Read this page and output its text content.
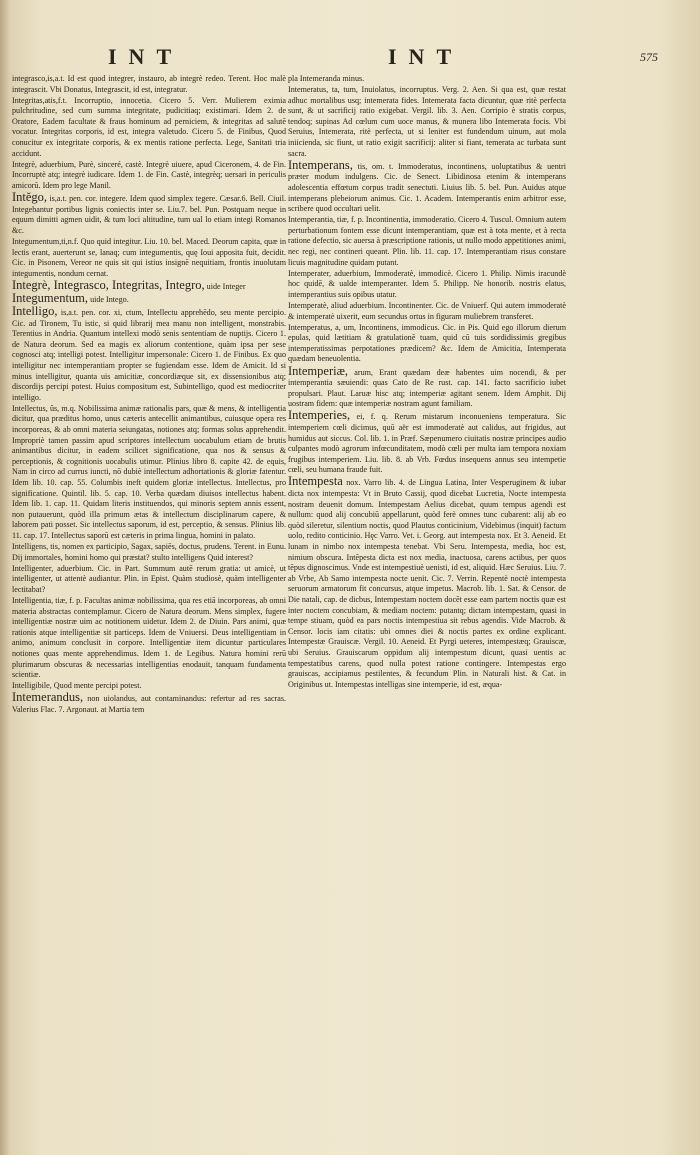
INT	INT	575

integrasco,is,a.t. Id est quod integrer, instauro, ab integrè redeo. Terent. Hoc malè integrascit. Vbi Donatus, Integrascit, id est, integratur.

Integritas,atis,f.t. Incorruptio, innocetia. Cicero 5. Verr. Mulierem eximia pulchritudine, sed cum summa integritate, pudicitiaq; existimari. Idem 2. de Oratore, Eadem facultate & fraus hominum ad perniciem, & integritas ad salutē vocatur. Integritas corporis, id est, integra valetudo. Cicero 5. de Finibus, Quod conucitur ex integritate corporis, & ex mentis ratione perfecta. Lege, Sanitati tria accidunt.

Integrè, aduerbium, Purè, sinceré, castè. Integrè uiuere, apud Ciceronem, 4. de Fin. Incorruptè atq; integrè iudicare. Idem 1. de Fin. Castè, integrèq; uersari in periculis amicorū. Idem pro lege Manil.

Intĕgo, is,a.t. pen. cor. integere. Idem quod simplex tegere. Cæsar.6. Bell. Ciuil. Integebantur portibus lignis coniectis inter se. Liu.7. bel. Pun. Postquam neque in equum dimitti agmen uidit, & tum loci altitudine, tum ual lo etiam integi Romanos &c.

Integumentum,ti,n.f. Quo quid integitur. Liu. 10. bel. Maced. Deorum capita, quæ in lectis erant, auerterunt se, lanaq; cum integumentis, quę Ioui apposita fuit, decidit. Cic. in Pisonem, Vereor ne quis sit qui istius insignē nequitiam, frontis inuolutam integumentis, nondum cernat.

Integrè, Integrasco, Integritas, Integro, uide Integer

Integumentum, uide Intego.

Intelligo, is,a.t. pen. cor. xi, ctum, Intellectu apprehēdo, seu mente percipio. Cic. ad Tironem, Tu istic, si quid librarij mea manu non intelligent, monstrabis. Terentius in Andria. Quantum intellexi modò senis sententiam de nuptijs. Cicero 1. de Natura deorum. Sed ea magis ex aliorum contentione, quàm ipsa per sese cognosci atq; intelligi potest. Intelligitur impersonale: Cicero 1. de Finibus. Ex quo intelligitur nec intemperantiam propter se fugiendam esse. Idem de Amicit. Id si minus intelligitur, quanta uis amicitiæ, concordiæque sit, ex dissensionibus atq; discordijs percipi potest. Huius compositum est, Subintelligo, quod est mediocriter intelligo.

Intellectus, ûs, m.q. Nobilissima animæ rationalis pars, quæ & mens, & intelligentia dicitur, qua præditus homo, unus cæteris antecellit animantibus, cuiusque opera res incorporeas, & ab omni materia seiungatas, notiones atq; formas solus apprehendit. Impropriè tamen passim apud scriptores intellectum uocabulum etiam de brutis animantibus dicitur, in eadem scilicet significatione, qua nos & sensus & perceptionis, & cognitionis uocabulis utimur. Plinius libro 8. capite 42. de equis, Nam in circo ad currus iuncti, nō dubiè intellectum adhortationis & gloriæ fatentur. Idem lib. 10. cap. 55. Columbis ineft quidem gloriæ intellectus. Intellectus, pro significatione. Quintil. lib. 5. cap. 10. Verba quædam diuisos intellectus habent. Idem lib. 1. cap. 11. Quidam literis instituendos, qui minoris septem annis essent, non putauerunt, quòd illa primum ætas & intellectum disciplinarum capere, & laborem pati posset. Sic intellectus saporum, id est, perceptio, & sensus. Plinius lib. 11. cap. 17. Intellectus saporū est cæteris in prima lingua, homini in palato.

Intelligens, tis, nomen ex participio, Sagax, sapiēs, doctus, prudens. Terent. in Eunu. Dij immortales, homini homo qui præstat? stulto intelligens Quid interest?

Intelligenter, aduerbium. Cic. in Part. Summum autē rerum gratia: ut amicè, ut intelligenter, ut attentè audiantur. Plin. in Epist. Quàm studiosè, quàm intelligenter lectitabat?

Intelligentia, tiæ, f. p. Facultas animæ nobilissima, qua res etiā incorporeas, ab omni materia abstractas contemplamur. Cicero de Natura deorum. Mens simplex, fugere intelligentiæ nostræ uim ac notitionem uidetur. Idem 2. de Diuin. Pars animi, quæ rationis atque intelligentiæ sit particeps. Idem de Vniuersi. Deus intelligentiam in animo, animum conclusit in corpore. Intelligentiæ item dicuntur particulares notiones quas mente apprehendimus. Idem 1. de Legibus. Natura homini rerū plurimarum obscuras & necessarias intelligentias enodauit, tanquam fundamenta scientiæ.

Intelligibile, Quod mente percipi potest.

Intemerandus, non uiolandus, aut contaminandus: refertur ad res sacras. Valerius Flac. 7. Argonaut. at Martia tem

pla Intemeranda minus.

Intemeratus, ta, tum, Inuiolatus, incorruptus. Verg. 2. Aen. Si qua est, quæ restat adhuc mortalibus usq; intemerata fides. Intemerata facta dicuntur, quæ ritè perfecta sunt, & ut sacrificij ratio exigebat. Vergil. lib. 3. Aen. Corripio è stratis corpus, tendoq; supinas Ad cœlum cum uoce manus, & munera libo Intemerata focis. Vbi Seruius, Intemerata, ritè perfecta, ut si leniter est fundendum uinum, aut mola iniicienda, sic fiunt, ut ratio exigit sacrificij: aliter si fiant, temerata ac turbata sunt sacra.

Intemperans, tis, om. t. Immoderatus, incontinens, uoluptatibus & uentri præter modum indulgens. Cic. de Senect. Libidinosa etenim & intemperans adolescentia effœtum corpus tradit senectuti. Liuius lib. 5. bel. Pun. Auidus atque intemperans plebeiorum animus. Cic. 1. Academ. Intemperantis enim arbitror esse, scribere quod occultari uelit.

Intemperantia, tiæ, f. p. Incontinentia, immoderatio. Cicero 4. Tuscul. Omnium autem perturbationum fontem esse dicunt intemperantiam, quæ est à tota mente, et à recta ratione defectio, sic auersa à præscriptione rationis, ut nullo modo appetitiones animi, nec regi, nec contineri queant. Plin. lib. 11. cap. 17. Intemperantiam risus constare licuis magnitudine quidam putant.

Intemperater, aduerbium, Immoderatè, immodicè. Cicero 1. Philip. Nimis iracundè hoc quidē, & ualde intemperanter. Idem 5. Philipp. Ne honorib. nostris elatus, intemperantius suis opibus utatur.

Intemperatè, aliud aduerbium. Incontinenter. Cic. de Vniuerf. Qui autem immoderatè & intemperatè uixerit, eum secundus ortus in figuram muliebrem transferet.

Intemperatus, a, um, Incontinens, immodicus. Cic. in Pis. Quid ego illorum dierum epulas, quid lætitiam & gratulationē tuam, quid cū tuis sordidissimis gregibus intemperatissimas perpotationes prædicem? &c. Idem de Amicitia, Intemperata quædam beneuolentia.

Intemperiæ, arum, Erant quædam deæ habentes uim nocendi, & per intemperantia sæuiendi: quas Cato de Re rust. cap. 141. facto sacrificio iubet propulsari. Plaut. Laruæ hisc atq; intemperiæ agitant senem. Idem Amphit. Dij uostram fidem: quæ intemperiæ nostram agunt familiam.

Intemperies, ei, f. q. Rerum mistarum inconueniens temperatura. Sic intemperiem cœli dicimus, quū aër est immoderatè aut calidus, aut frigidus, aut humidus aut siccus. Col. lib. 1. in Præf. Sæpenumero ciuitatis nostræ principes audio culpantes modò agrorum infœcunditatem, modò cœli per multa iam tempora noxiam frugibus intemperiem. Liu. lib. 8. ab Vrb. Fœdus insequens annus seu intempetie cœli, seu humana fraude fuit.

Intempesta nox. Varro lib. 4. de Lingua Latina, Inter Vesperuginem & iubar dicta nox intempesta: Vt in Bruto Cassij, quod dicebat Lucretia, Nocte intempesta nostram deuenit domum. Intempestam Aelius dicebat, quum tempus agendi est nullum: quod alij concubiū appellarunt, quòd ferè omnes tunc cubarent: alij ab eo quòd sileretur, silentium noctis, quod Plautus conticinium, Videbimus (inquit) factum uolo, redito conticinio. Hęc Varro. Vet. i. Georg. aut intempesta nox. Et 3. Aeneid. Et lunam in nimbo nox intempesta tenebat. Vbi Seru. Intempesta, media, hoc est, nimium obscura. Intēpesta dicta est nox media, inactuosa, carens actibus, per quos tēpus dignoscimus. Vnde est intempestiuè uenisti, id est, aliquid. Hæc Seruius. Liu. 7. ab Vrbe, Ab Samo intempesta nocte uenit. Cic. 7. Verrin. Repentè noctè intempesta seruorum armatorum fit concursus, atque impetus. Macrob. lib. 1. Sat. & Censor. de Die natali, cap. de dicbus, Intempestam noctem docēt esse eam partem noctis quæ est inter noctem concubiam, & mediam noctem: putantq; dictam intempestam, quasi in tempe stiuam, quòd ea pars noctis intempestiua sit rebus agendis. Vide Macrob. & Censor. locis iam citatis: ubi omnes diei & noctis partes ex ordine explicant. Intempestæ Grauiscæ. Vergil. 10. Aeneid. Et Pyrgi ueteres, intempestæq; Grauiscæ, ubi Seruius. Grauiscarum oppidum alij intempestum dicunt, quasi uentis ac tempestatibus carens, quod nulla potest ratione contingere. Intempestas ergo grauiscas, accipiamus pestilentes, & fecundum Plin. in Naturali hist. & Cat. in Originibus ut. Intempestas intelligas sine intemperie, id est, æqua-
